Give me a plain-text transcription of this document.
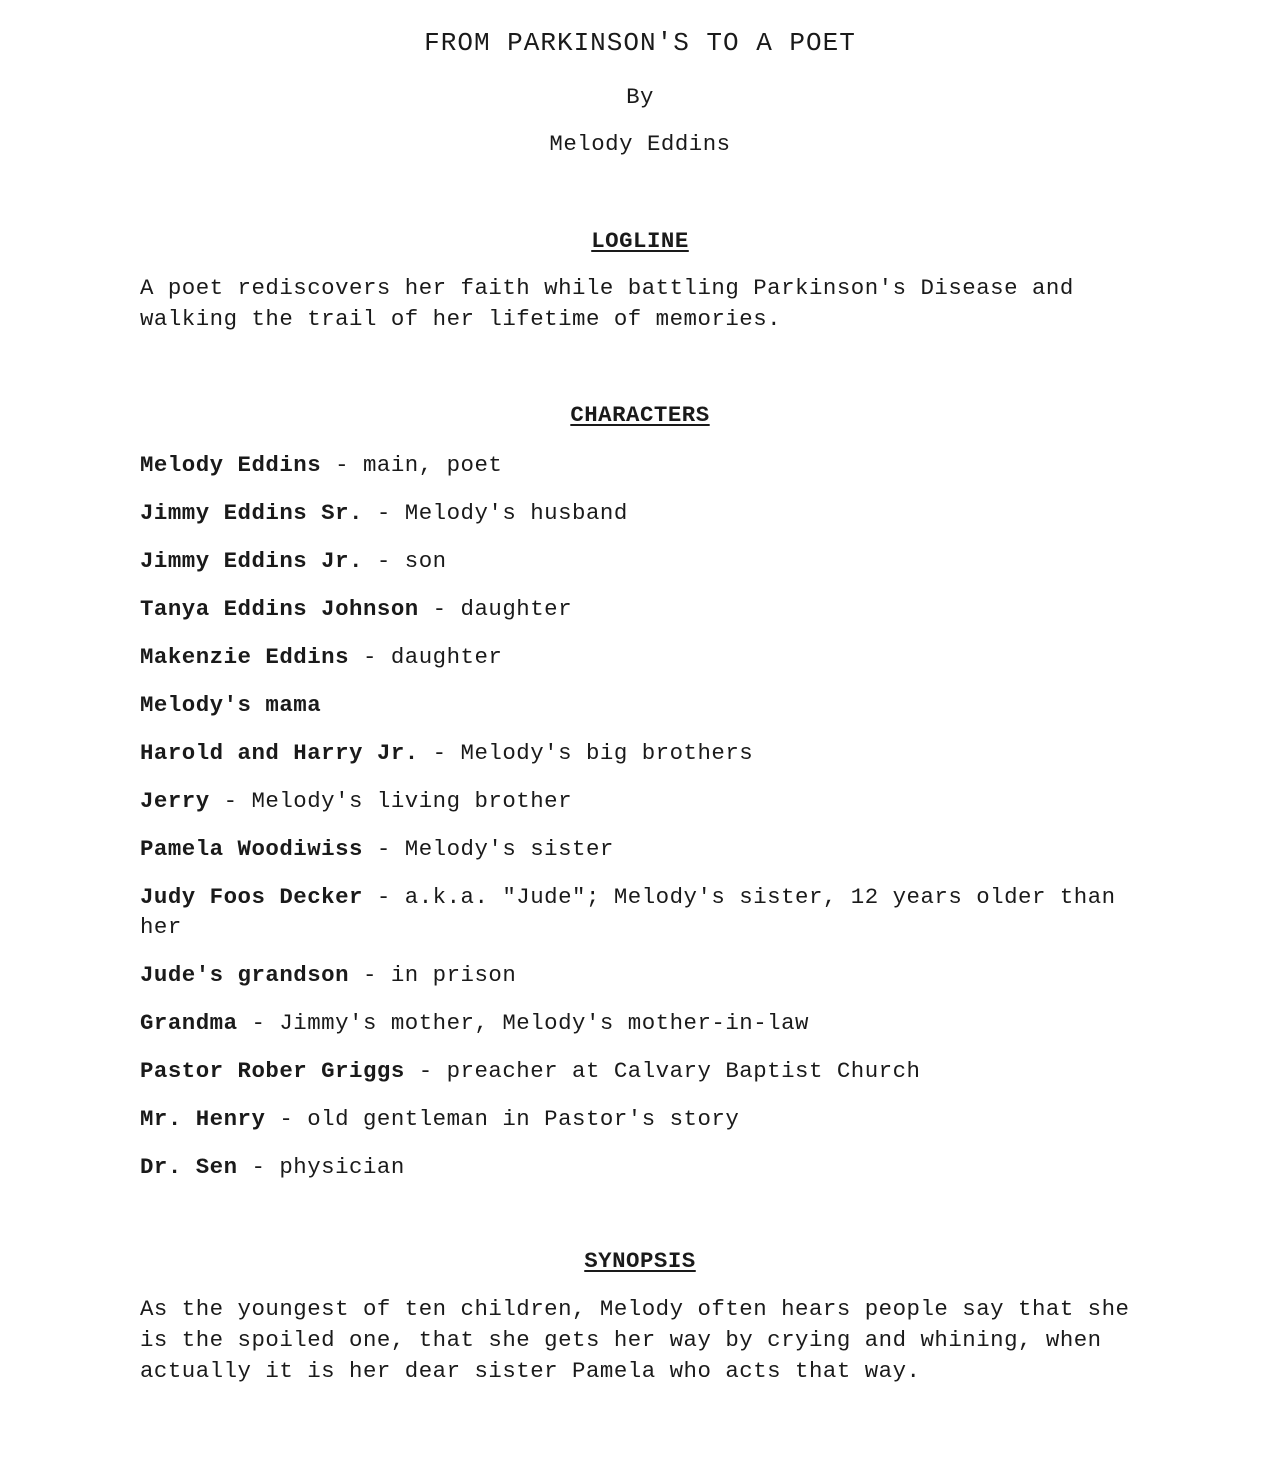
FROM PARKINSON'S TO A POET
By
Melody Eddins
LOGLINE

A poet rediscovers her faith while battling Parkinson's Disease and walking the trail of her lifetime of memories.

CHARACTERS
Melody Eddins - main, poet
Jimmy Eddins Sr. - Melody's husband
Jimmy Eddins Jr. - son
Tanya Eddins Johnson - daughter
Makenzie Eddins - daughter
Melody's mama
Harold and Harry Jr. - Melody's big brothers
Jerry - Melody's living brother
Pamela Woodiwiss - Melody's sister
Judy Foos Decker - a.k.a. "Jude"; Melody's sister, 12 years older than her
Jude's grandson - in prison
Grandma - Jimmy's mother, Melody's mother-in-law
Pastor Rober Griggs - preacher at Calvary Baptist Church
Mr. Henry - old gentleman in Pastor's story
Dr. Sen - physician
SYNOPSIS

As the youngest of ten children, Melody often hears people say that she is the spoiled one, that she gets her way by crying and whining, when actually it is her dear sister Pamela who acts that way.
